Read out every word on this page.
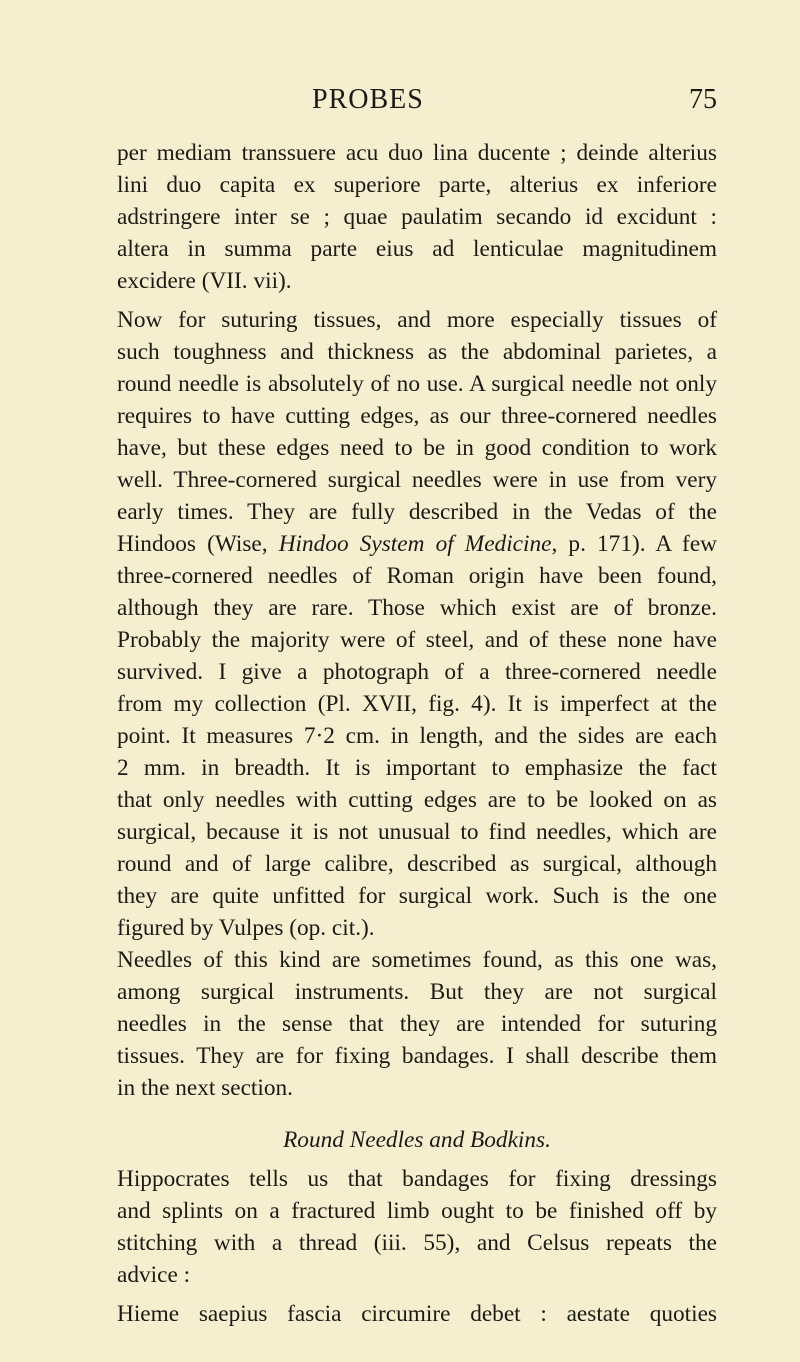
PROBES	75
per mediam transsuere acu duo lina ducente ; deinde alterius
lini duo capita ex superiore parte, alterius ex inferiore
adstringere inter se ; quae paulatim secando id excidunt :
altera in summa parte eius ad lenticulae magnitudinem
excidere (VII. vii).
Now for suturing tissues, and more especially tissues of
such toughness and thickness as the abdominal parietes, a
round needle is absolutely of no use. A surgical needle not only
requires to have cutting edges, as our three-cornered needles
have, but these edges need to be in good condition to work
well. Three-cornered surgical needles were in use from very
early times. They are fully described in the Vedas of the
Hindoos (Wise, Hindoo System of Medicine, p. 171). A few
three-cornered needles of Roman origin have been found,
although they are rare. Those which exist are of bronze.
Probably the majority were of steel, and of these none have
survived. I give a photograph of a three-cornered needle
from my collection (Pl. XVII, fig. 4). It is imperfect at the
point. It measures 7·2 cm. in length, and the sides are each
2 mm. in breadth. It is important to emphasize the fact
that only needles with cutting edges are to be looked on as
surgical, because it is not unusual to find needles, which are
round and of large calibre, described as surgical, although
they are quite unfitted for surgical work. Such is the one
figured by Vulpes (op. cit.).
Needles of this kind are sometimes found, as this one was,
among surgical instruments. But they are not surgical
needles in the sense that they are intended for suturing
tissues. They are for fixing bandages. I shall describe them
in the next section.
Round Needles and Bodkins.
Hippocrates tells us that bandages for fixing dressings
and splints on a fractured limb ought to be finished off by
stitching with a thread (iii. 55), and Celsus repeats the
advice :
Hieme saepius fascia circumire debet : aestate quoties
